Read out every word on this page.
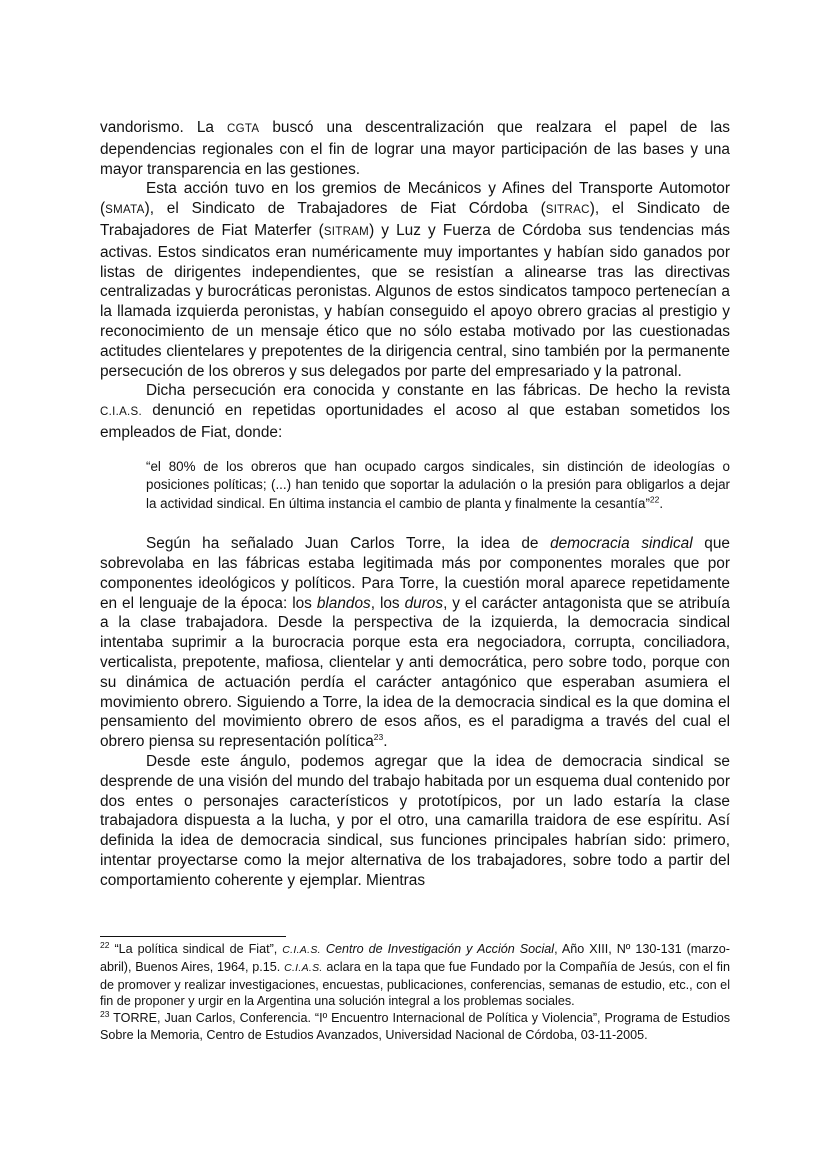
vandorismo. La CGTA buscó una descentralización que realzara el papel de las dependencias regionales con el fin de lograr una mayor participación de las bases y una mayor transparencia en las gestiones.

Esta acción tuvo en los gremios de Mecánicos y Afines del Transporte Automotor (SMATA), el Sindicato de Trabajadores de Fiat Córdoba (SITRAC), el Sindicato de Trabajadores de Fiat Materfer (SITRAM) y Luz y Fuerza de Córdoba sus tendencias más activas. Estos sindicatos eran numéricamente muy importantes y habían sido ganados por listas de dirigentes independientes, que se resistían a alinearse tras las directivas centralizadas y burocráticas peronistas. Algunos de estos sindicatos tampoco pertenecían a la llamada izquierda peronistas, y habían conseguido el apoyo obrero gracias al prestigio y reconocimiento de un mensaje ético que no sólo estaba motivado por las cuestionadas actitudes clientelares y prepotentes de la dirigencia central, sino también por la permanente persecución de los obreros y sus delegados por parte del empresariado y la patronal.

Dicha persecución era conocida y constante en las fábricas. De hecho la revista C.I.A.S. denunció en repetidas oportunidades el acoso al que estaban sometidos los empleados de Fiat, donde:

“el 80% de los obreros que han ocupado cargos sindicales, sin distinción de ideologías o posiciones políticas; (...) han tenido que soportar la adulación o la presión para obligarlos a dejar la actividad sindical. En última instancia el cambio de planta y finalmente la cesantía”$^{22}$.

Según ha señalado Juan Carlos Torre, la idea de democracia sindical que sobrevolaba en las fábricas estaba legitimada más por componentes morales que por componentes ideológicos y políticos. Para Torre, la cuestión moral aparece repetidamente en el lenguaje de la época: los blandos, los duros, y el carácter antagonista que se atribuía a la clase trabajadora. Desde la perspectiva de la izquierda, la democracia sindical intentaba suprimir a la burocracia porque esta era negociadora, corrupta, conciliadora, verticalista, prepotente, mafiosa, clientelar y anti democrática, pero sobre todo, porque con su dinámica de actuación perdía el carácter antagónico que esperaban asumiera el movimiento obrero. Siguiendo a Torre, la idea de la democracia sindical es la que domina el pensamiento del movimiento obrero de esos años, es el paradigma a través del cual el obrero piensa su representación política$^{23}$.

Desde este ángulo, podemos agregar que la idea de democracia sindical se desprende de una visión del mundo del trabajo habitada por un esquema dual contenido por dos entes o personajes característicos y prototípicos, por un lado estaría la clase trabajadora dispuesta a la lucha, y por el otro, una camarilla traidora de ese espíritu. Así definida la idea de democracia sindical, sus funciones principales habrían sido: primero, intentar proyectarse como la mejor alternativa de los trabajadores, sobre todo a partir del comportamiento coherente y ejemplar. Mientras

$^{22}$ “La política sindical de Fiat”, C.I.A.S. Centro de Investigación y Acción Social, Año XIII, Nº 130-131 (marzo-abril), Buenos Aires, 1964, p.15. C.I.A.S. aclara en la tapa que fue Fundado por la Compañía de Jesús, con el fin de promover y realizar investigaciones, encuestas, publicaciones, conferencias, semanas de estudio, etc., con el fin de proponer y urgir en la Argentina una solución integral a los problemas sociales.

$^{23}$ TORRE, Juan Carlos, Conferencia. “Iº Encuentro Internacional de Política y Violencia”, Programa de Estudios Sobre la Memoria, Centro de Estudios Avanzados, Universidad Nacional de Córdoba, 03-11-2005.
